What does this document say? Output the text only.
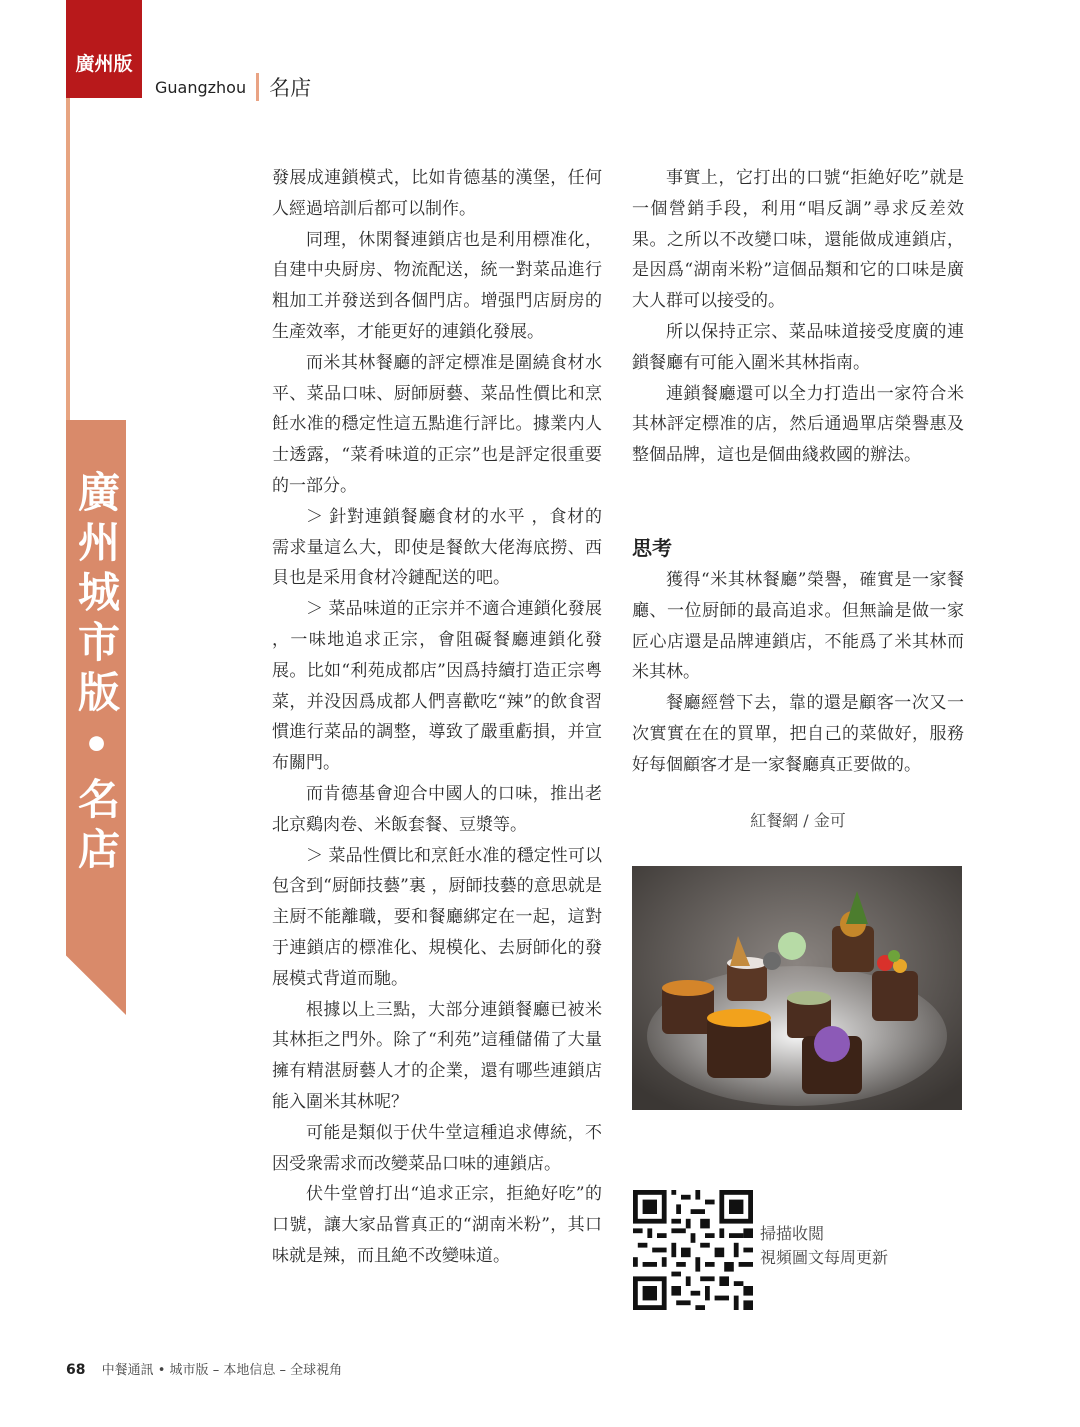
廣州版
Guangzhou 名店
廣州城市版•名店

發展成連鎖模式，比如肯德基的漢堡，任何人經過培訓后都可以制作。

同理，休閑餐連鎖店也是利用標准化，自建中央厨房、物流配送，統一對菜品進行粗加工并發送到各個門店。增强門店厨房的生產效率，才能更好的連鎖化發展。

而米其林餐廳的評定標准是圍繞食材水平、菜品口味、厨師厨藝、菜品性價比和烹飪水准的穩定性這五點進行評比。據業内人士透露，“菜肴味道的正宗”也是評定很重要的一部分。

＞ 針對連鎖餐廳食材的水平 ，食材的需求量這么大，即使是餐飲大佬海底撈、西貝也是采用食材冷鏈配送的吧。

＞ 菜品味道的正宗并不適合連鎖化發展 ，一味地追求正宗，會阻礙餐廳連鎖化發展。比如“利苑成都店”因爲持續打造正宗粤菜，并没因爲成都人們喜歡吃“辣”的飲食習慣進行菜品的調整，導致了嚴重虧損，并宣布關門。

而肯德基會迎合中國人的口味，推出老北京鷄肉卷、米飯套餐、豆漿等。

＞ 菜品性價比和烹飪水准的穩定性可以包含到“厨師技藝”裏 ，厨師技藝的意思就是主厨不能離職，要和餐廳綁定在一起，這對于連鎖店的標准化、規模化、去厨師化的發展模式背道而馳。

根據以上三點，大部分連鎖餐廳已被米其林拒之門外。除了“利苑”這種儲備了大量擁有精湛厨藝人才的企業，還有哪些連鎖店能入圍米其林呢？

可能是類似于伏牛堂這種追求傳統，不因受衆需求而改變菜品口味的連鎖店。

伏牛堂曾打出“追求正宗，拒絶好吃”的口號，讓大家品嘗真正的“湖南米粉”，其口味就是辣，而且絶不改變味道。

事實上，它打出的口號“拒絶好吃”就是一個營銷手段，利用“唱反調”尋求反差效果。之所以不改變口味，還能做成連鎖店，是因爲“湖南米粉”這個品類和它的口味是廣大人群可以接受的。

所以保持正宗、菜品味道接受度廣的連鎖餐廳有可能入圍米其林指南。

連鎖餐廳還可以全力打造出一家符合米其林評定標准的店，然后通過單店榮譽惠及整個品牌，這也是個曲綫救國的辦法。

思考

獲得“米其林餐廳”榮譽，確實是一家餐廳、一位厨師的最高追求。但無論是做一家匠心店還是品牌連鎖店，不能爲了米其林而米其林。

餐廳經營下去，靠的還是顧客一次又一次實實在在的買單，把自己的菜做好，服務好每個顧客才是一家餐廳真正要做的。

紅餐網 / 金可
掃描收閲
視頻圖文每周更新
68 中餐通訊 • 城市版 – 本地信息 – 全球視角
